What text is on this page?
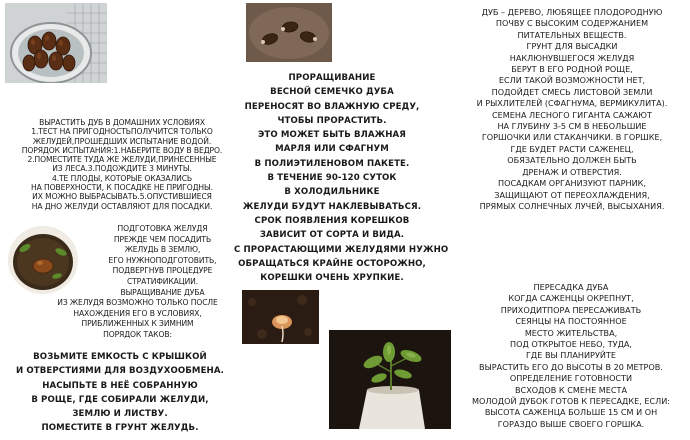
ВЫРАСТИТЬ ДУБ В ДОМАШНИХ УСЛОВИЯХ
1.ТЕСТ НА ПРИГОДНОСТЬПОЛУЧИТСЯ ТОЛЬКО
ЖЕЛУДЕЙ,ПРОШЕДШИХ ИСПЫТАНИЕ ВОДОЙ.
ПОРЯДОК ИСПЫТАНИЯ:1.НАБЕРИТЕ ВОДУ В ВЕДРО.
2.ПОМЕСТИТЕ ТУДА ЖЕ ЖЕЛУДИ,ПРИНЕСЕННЫЕ
ИЗ ЛЕСА.3.ПОДОЖДИТЕ 3 МИНУТЫ.
4.ТЕ ПЛОДЫ, КОТОРЫЕ ОКАЗАЛИСЬ
НА ПОВЕРХНОСТИ, К ПОСАДКЕ НЕ ПРИГОДНЫ.
ИХ МОЖНО ВЫБРАСЫВАТЬ.5.ОПУСТИВШИЕСЯ
НА ДНО ЖЕЛУДИ ОСТАВЛЯЮТ ДЛЯ ПОСАДКИ.
ПОДГОТОВКА ЖЕЛУДЯ
ПРЕЖДЕ ЧЕМ ПОСАДИТЬ
ЖЕЛУДЬ В ЗЕМЛЮ,
ЕГО НУЖНОПОДГОТОВИТЬ,
ПОДВЕРГНУВ ПРОЦЕДУРЕ
СТРАТИФИКАЦИИ.
ВЫРАЩИВАНИЕ ДУБА
ИЗ ЖЕЛУДЯ ВОЗМОЖНО ТОЛЬКО ПОСЛЕ
НАХОЖДЕНИЯ ЕГО В УСЛОВИЯХ,
ПРИБЛИЖЕННЫХ К ЗИМНИМ
ПОРЯДОК ТАКОВ:
ВОЗЬМИТЕ ЕМКОСТЬ С КРЫШКОЙ
И ОТВЕРСТИЯМИ ДЛЯ ВОЗДУХООБМЕНА.
НАСЫПЬТЕ В НЕЁ СОБРАННУЮ
В РОЩЕ, ГДЕ СОБИРАЛИ ЖЕЛУДИ,
ЗЕМЛЮ И ЛИСТВУ.
ПОМЕСТИТЕ В ГРУНТ ЖЕЛУДЬ.
ПРОРАЩИВАНИЕ
ВЕСНОЙ СЕМЕЧКО ДУБА
ПЕРЕНОСЯТ ВО ВЛАЖНУЮ СРЕДУ,
ЧТОБЫ ПРОРАСТИТЬ.
ЭТО МОЖЕТ БЫТЬ ВЛАЖНАЯ
МАРЛЯ ИЛИ СФАГНУМ
В ПОЛИЭТИЛЕНОВОМ ПАКЕТЕ.
В ТЕЧЕНИЕ 90-120 СУТОК
В ХОЛОДИЛЬНИКЕ
ЖЕЛУДИ БУДУТ НАКЛЕВЫВАТЬСЯ.
СРОК ПОЯВЛЕНИЯ КОРЕШКОВ
ЗАВИСИТ ОТ СОРТА И ВИДА.
С ПРОРАСТАЮЩИМИ ЖЕЛУДЯМИ НУЖНО
ОБРАЩАТЬСЯ КРАЙНЕ ОСТОРОЖНО,
КОРЕШКИ ОЧЕНЬ ХРУПКИЕ.
ДУБ – ДЕРЕВО, ЛЮБЯЩЕЕ ПЛОДОРОДНУЮ
ПОЧВУ С ВЫСОКИМ СОДЕРЖАНИЕМ
ПИТАТЕЛЬНЫХ ВЕЩЕСТВ.
ГРУНТ ДЛЯ ВЫСАДКИ
НАКЛЮНУВШЕГОСЯ ЖЕЛУДЯ
БЕРУТ В ЕГО РОДНОЙ РОЩЕ,
ЕСЛИ ТАКОЙ ВОЗМОЖНОСТИ НЕТ,
ПОДОЙДЕТ СМЕСЬ ЛИСТОВОЙ ЗЕМЛИ
И РЫХЛИТЕЛЕЙ (СФАГНУМА, ВЕРМИКУЛИТА).
СЕМЕНА ЛЕСНОГО ГИГАНТА САЖАЮТ
НА ГЛУБИНУ 3-5 СМ В НЕБОЛЬШИЕ
ГОРШОЧКИ ИЛИ СТАКАНЧИКИ. В ГОРШКЕ,
ГДЕ БУДЕТ РАСТИ САЖЕНЕЦ,
ОБЯЗАТЕЛЬНО ДОЛЖЕН БЫТЬ
ДРЕНАЖ И ОТВЕРСТИЯ.
ПОСАДКАМ ОРГАНИЗУЮТ ПАРНИК,
ЗАЩИЩАЮТ ОТ ПЕРЕОХЛАЖДЕНИЯ,
ПРЯМЫХ СОЛНЕЧНЫХ ЛУЧЕЙ, ВЫСЫХАНИЯ.
ПЕРЕСАДКА ДУБА
КОГДА САЖЕНЦЫ ОКРЕПНУТ,
ПРИХОДИТПОРА ПЕРЕСАЖИВАТЬ
СЕЯНЦЫ НА ПОСТОЯННОЕ
МЕСТО ЖИТЕЛЬСТВА,
ПОД ОТКРЫТОЕ НЕБО, ТУДА,
ГДЕ ВЫ ПЛАНИРУЙТЕ
ВЫРАСТИТЬ ЕГО ДО ВЫСОТЫ В 20 МЕТРОВ.
ОПРЕДЕЛЕНИЕ ГОТОВНОСТИ
ВСХОДОВ К СМЕНЕ МЕСТА
МОЛОДОЙ ДУБОК ГОТОВ К ПЕРЕСАДКЕ, ЕСЛИ:
ВЫСОТА САЖЕНЦА БОЛЬШЕ 15 СМ И ОН
ГОРАЗДО ВЫШЕ СВОЕГО ГОРШКА.
